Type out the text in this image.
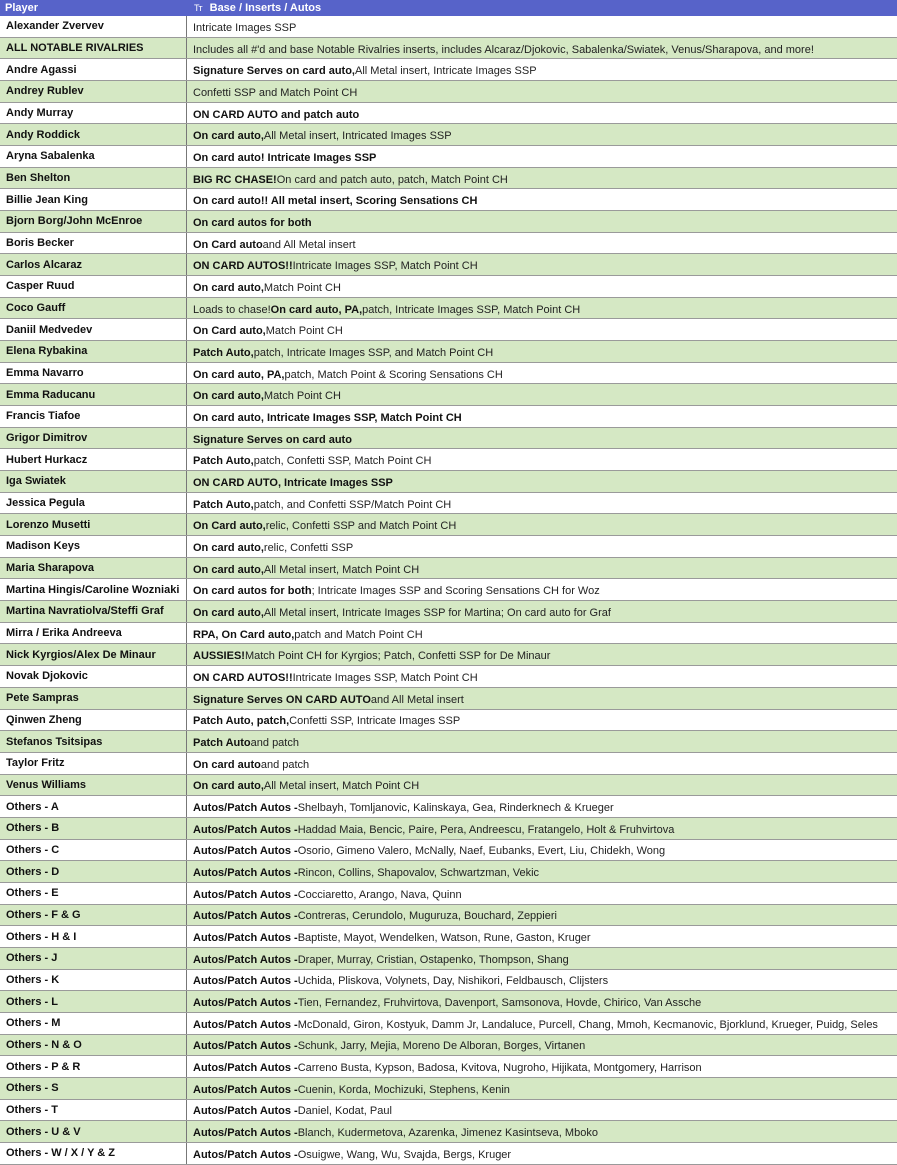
Player	Tт Base / Inserts / Autos
Alexander Zvervev	Intricate Images SSP
ALL NOTABLE RIVALRIES	Includes all #'d and base Notable Rivalries inserts, includes Alcaraz/Djokovic, Sabalenka/Swiatek, Venus/Sharapova, and more!
Andre Agassi	Signature Serves on card auto, All Metal insert, Intricate Images SSP
Andrey Rublev	Confetti SSP and Match Point CH
Andy Murray	ON CARD AUTO and patch auto
Andy Roddick	On card auto, All Metal insert, Intricated Images SSP
Aryna Sabalenka	On card auto! Intricate Images SSP
Ben Shelton	BIG RC CHASE! On card and patch auto, patch, Match Point CH
Billie Jean King	On card auto!! All metal insert, Scoring Sensations CH
Bjorn Borg/John McEnroe	On card autos for both
Boris Becker	On Card auto and All Metal insert
Carlos Alcaraz	ON CARD AUTOS!! Intricate Images SSP, Match Point CH
Casper Ruud	On card auto, Match Point CH
Coco Gauff	Loads to chase! On card auto, PA, patch, Intricate Images SSP, Match Point CH
Daniil Medvedev	On Card auto, Match Point CH
Elena Rybakina	Patch Auto, patch, Intricate Images SSP, and Match Point CH
Emma Navarro	On card auto, PA, patch, Match Point & Scoring Sensations CH
Emma Raducanu	On card auto, Match Point CH
Francis Tiafoe	On card auto, Intricate Images SSP, Match Point CH
Grigor Dimitrov	Signature Serves on card auto
Hubert Hurkacz	Patch Auto, patch, Confetti SSP, Match Point CH
Iga Swiatek	ON CARD AUTO, Intricate Images SSP
Jessica Pegula	Patch Auto, patch, and Confetti SSP/Match Point CH
Lorenzo Musetti	On Card auto, relic, Confetti SSP and Match Point CH
Madison Keys	On card auto, relic, Confetti SSP
Maria Sharapova	On card auto, All Metal insert, Match Point CH
Martina Hingis/Caroline Wozniaki	On card autos for both ; Intricate Images SSP and Scoring Sensations CH for Woz
Martina Navratiolva/Steffi Graf	On card auto, All Metal insert, Intricate Images SSP for Martina; On card auto for Graf
Mirra / Erika Andreeva	RPA, On Card auto, patch and Match Point CH
Nick Kyrgios/Alex De Minaur	AUSSIES! Match Point CH for Kyrgios; Patch, Confetti SSP for De Minaur
Novak Djokovic	ON CARD AUTOS!! Intricate Images SSP, Match Point CH
Pete Sampras	Signature Serves ON CARD AUTO and All Metal insert
Qinwen Zheng	Patch Auto, patch, Confetti SSP, Intricate Images SSP
Stefanos Tsitsipas	Patch Auto and patch
Taylor Fritz	On card auto and patch
Venus Williams	On card auto, All Metal insert, Match Point CH
Others - A	Autos/Patch Autos - Shelbayh, Tomljanovic, Kalinskaya, Gea, Rinderknech & Krueger
Others - B	Autos/Patch Autos - Haddad Maia, Bencic, Paire, Pera, Andreescu, Fratangelo, Holt & Fruhvirtova
Others - C	Autos/Patch Autos - Osorio, Gimeno Valero, McNally, Naef, Eubanks, Evert, Liu, Chidekh, Wong
Others - D	Autos/Patch Autos - Rincon, Collins, Shapovalov, Schwartzman, Vekic
Others - E	Autos/Patch Autos - Cocciaretto, Arango, Nava, Quinn
Others - F & G	Autos/Patch Autos - Contreras, Cerundolo, Muguruza, Bouchard, Zeppieri
Others - H & I	Autos/Patch Autos - Baptiste, Mayot, Wendelken, Watson, Rune, Gaston, Kruger
Others - J	Autos/Patch Autos - Draper, Murray, Cristian, Ostapenko, Thompson, Shang
Others - K	Autos/Patch Autos - Uchida, Pliskova, Volynets, Day, Nishikori, Feldbausch, Clijsters
Others - L	Autos/Patch Autos - Tien, Fernandez, Fruhvirtova, Davenport, Samsonova, Hovde, Chirico, Van Assche
Others - M	Autos/Patch Autos - McDonald, Giron, Kostyuk, Damm Jr, Landaluce, Purcell, Chang, Mmoh, Kecmanovic, Bjorklund, Krueger, Puidg, Seles
Others - N & O	Autos/Patch Autos - Schunk, Jarry, Mejia, Moreno De Alboran, Borges, Virtanen
Others - P & R	Autos/Patch Autos - Carreno Busta, Kypson, Badosa, Kvitova, Nugroho, Hijikata, Montgomery, Harrison
Others - S	Autos/Patch Autos - Cuenin, Korda, Mochizuki, Stephens, Kenin
Others - T	Autos/Patch Autos - Daniel, Kodat, Paul
Others - U & V	Autos/Patch Autos - Blanch, Kudermetova, Azarenka, Jimenez Kasintseva, Mboko
Others - W / X / Y & Z	Autos/Patch Autos - Osuigwe, Wang, Wu, Svajda, Bergs, Kruger
